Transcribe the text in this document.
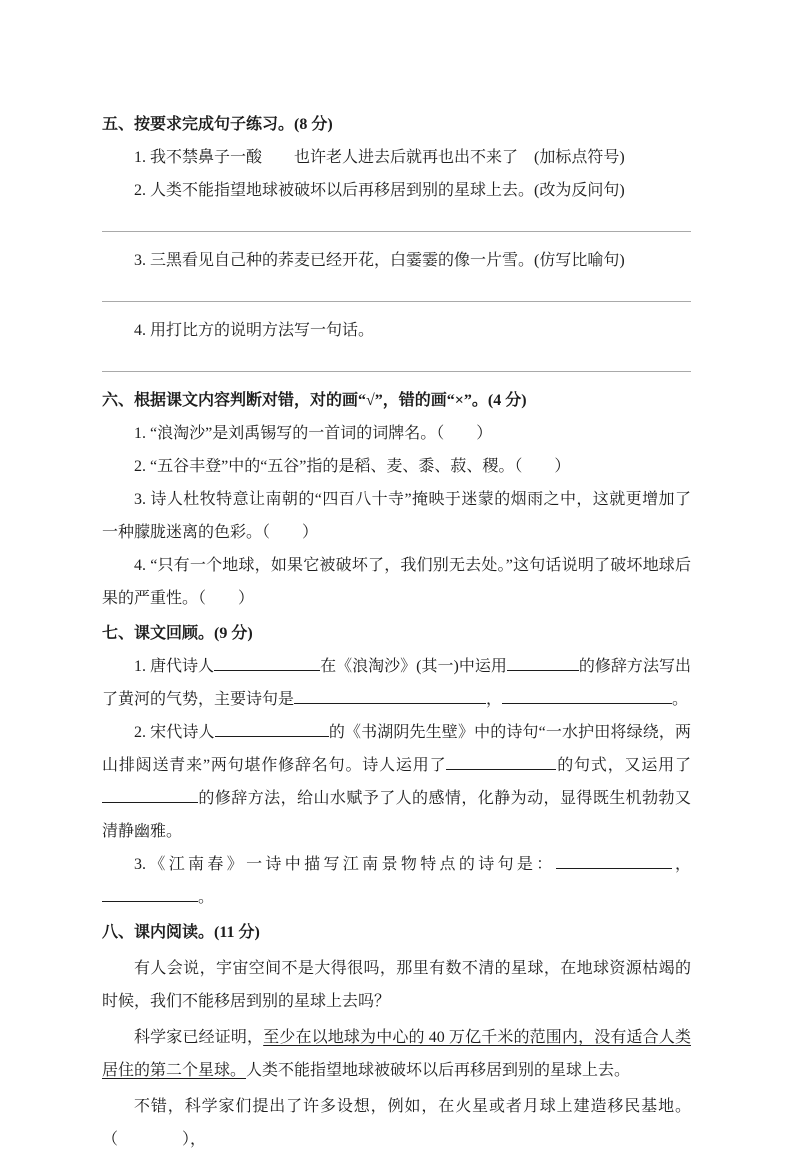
五、按要求完成句子练习。(8 分)

1. 我不禁鼻子一酸　　也许老人进去后就再也出不来了　(加标点符号)

2. 人类不能指望地球被破坏以后再移居到别的星球上去。(改为反问句)

3. 三黑看见自己种的荞麦已经开花，白霎霎的像一片雪。(仿写比喻句)

4. 用打比方的说明方法写一句话。

六、根据课文内容判断对错，对的画“√”，错的画“×”。(4 分)

1. “浪淘沙”是刘禹锡写的一首词的词牌名。（　　）

2. “五谷丰登”中的“五谷”指的是稻、麦、黍、菽、稷。（　　）

3. 诗人杜牧特意让南朝的“四百八十寺”掩映于迷蒙的烟雨之中，这就更增加了一种朦胧迷离的色彩。（　　）

4. “只有一个地球，如果它被破坏了，我们别无去处。”这句话说明了破坏地球后果的严重性。（　　）

七、课文回顾。(9 分)

1. 唐代诗人	在《浪淘沙》(其一)中运用	的修辞方法写出了黄河的气势，主要诗句是	，	。

2. 宋代诗人	的《书湖阴先生壁》中的诗句“一水护田将绿绕，两山排闼送青来”两句堪作修辞名句。诗人运用了	的句式，又运用了的修辞方法，给山水赋予了人的感情，化静为动，显得既生机勃勃又清静幽雅。

3.《江南春》一诗中描写江南景物特点的诗句是：	，。

八、课内阅读。(11 分)

有人会说，宇宙空间不是大得很吗，那里有数不清的星球，在地球资源枯竭的时候，我们不能移居到别的星球上去吗？

科学家已经证明，至少在以地球为中心的 40 万亿千米的范围内，没有适合人类居住的第二个星球。人类不能指望地球被破坏以后再移居到别的星球上去。

不错，科学家们提出了许多设想，例如，在火星或者月球上建造移民基地。（　　　　），
